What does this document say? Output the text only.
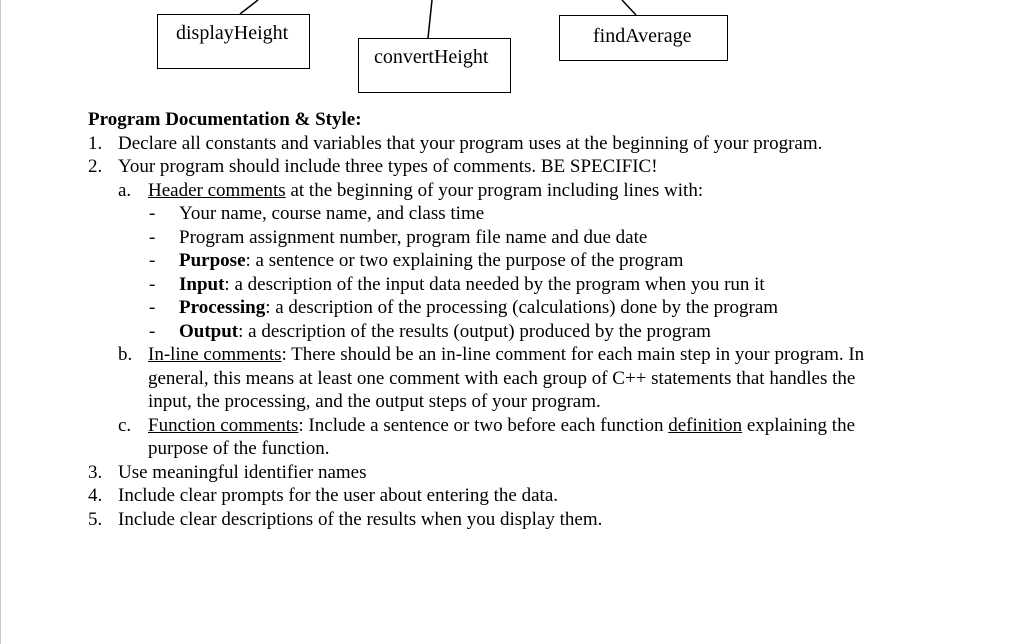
displayHeight
convertHeight
findAverage
Program Documentation & Style:
1. Declare all constants and variables that your program uses at the beginning of your program.
2. Your program should include three types of comments. BE SPECIFIC!
a. Header comments at the beginning of your program including lines with:
- Your name, course name, and class time
- Program assignment number, program file name and due date
- Purpose: a sentence or two explaining the purpose of the program
- Input: a description of the input data needed by the program when you run it
- Processing: a description of the processing (calculations) done by the program
- Output: a description of the results (output) produced by the program
b. In-line comments: There should be an in-line comment for each main step in your program. In
general, this means at least one comment with each group of C++ statements that handles the
input, the processing, and the output steps of your program.
c. Function comments: Include a sentence or two before each function definition explaining the
purpose of the function.
3. Use meaningful identifier names
4. Include clear prompts for the user about entering the data.
5. Include clear descriptions of the results when you display them.
